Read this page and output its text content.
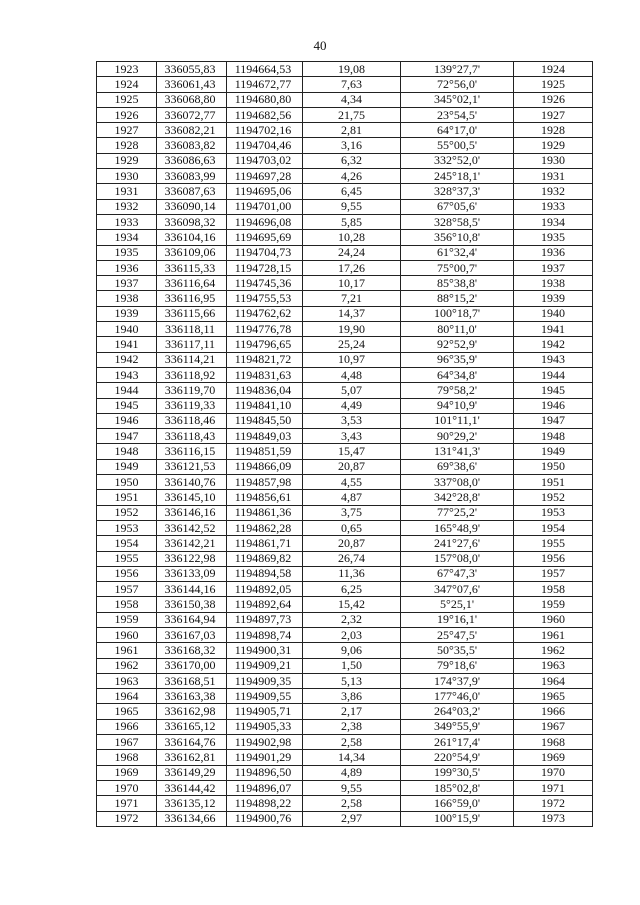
40
1923	336055,83	1194664,53	19,08	139°27,7'	1924
1924	336061,43	1194672,77	7,63	72°56,0'	1925
1925	336068,80	1194680,80	4,34	345°02,1'	1926
1926	336072,77	1194682,56	21,75	23°54,5'	1927
1927	336082,21	1194702,16	2,81	64°17,0'	1928
1928	336083,82	1194704,46	3,16	55°00,5'	1929
1929	336086,63	1194703,02	6,32	332°52,0'	1930
1930	336083,99	1194697,28	4,26	245°18,1'	1931
1931	336087,63	1194695,06	6,45	328°37,3'	1932
1932	336090,14	1194701,00	9,55	67°05,6'	1933
1933	336098,32	1194696,08	5,85	328°58,5'	1934
1934	336104,16	1194695,69	10,28	356°10,8'	1935
1935	336109,06	1194704,73	24,24	61°32,4'	1936
1936	336115,33	1194728,15	17,26	75°00,7'	1937
1937	336116,64	1194745,36	10,17	85°38,8'	1938
1938	336116,95	1194755,53	7,21	88°15,2'	1939
1939	336115,66	1194762,62	14,37	100°18,7'	1940
1940	336118,11	1194776,78	19,90	80°11,0'	1941
1941	336117,11	1194796,65	25,24	92°52,9'	1942
1942	336114,21	1194821,72	10,97	96°35,9'	1943
1943	336118,92	1194831,63	4,48	64°34,8'	1944
1944	336119,70	1194836,04	5,07	79°58,2'	1945
1945	336119,33	1194841,10	4,49	94°10,9'	1946
1946	336118,46	1194845,50	3,53	101°11,1'	1947
1947	336118,43	1194849,03	3,43	90°29,2'	1948
1948	336116,15	1194851,59	15,47	131°41,3'	1949
1949	336121,53	1194866,09	20,87	69°38,6'	1950
1950	336140,76	1194857,98	4,55	337°08,0'	1951
1951	336145,10	1194856,61	4,87	342°28,8'	1952
1952	336146,16	1194861,36	3,75	77°25,2'	1953
1953	336142,52	1194862,28	0,65	165°48,9'	1954
1954	336142,21	1194861,71	20,87	241°27,6'	1955
1955	336122,98	1194869,82	26,74	157°08,0'	1956
1956	336133,09	1194894,58	11,36	67°47,3'	1957
1957	336144,16	1194892,05	6,25	347°07,6'	1958
1958	336150,38	1194892,64	15,42	5°25,1'	1959
1959	336164,94	1194897,73	2,32	19°16,1'	1960
1960	336167,03	1194898,74	2,03	25°47,5'	1961
1961	336168,32	1194900,31	9,06	50°35,5'	1962
1962	336170,00	1194909,21	1,50	79°18,6'	1963
1963	336168,51	1194909,35	5,13	174°37,9'	1964
1964	336163,38	1194909,55	3,86	177°46,0'	1965
1965	336162,98	1194905,71	2,17	264°03,2'	1966
1966	336165,12	1194905,33	2,38	349°55,9'	1967
1967	336164,76	1194902,98	2,58	261°17,4'	1968
1968	336162,81	1194901,29	14,34	220°54,9'	1969
1969	336149,29	1194896,50	4,89	199°30,5'	1970
1970	336144,42	1194896,07	9,55	185°02,8'	1971
1971	336135,12	1194898,22	2,58	166°59,0'	1972
1972	336134,66	1194900,76	2,97	100°15,9'	1973
